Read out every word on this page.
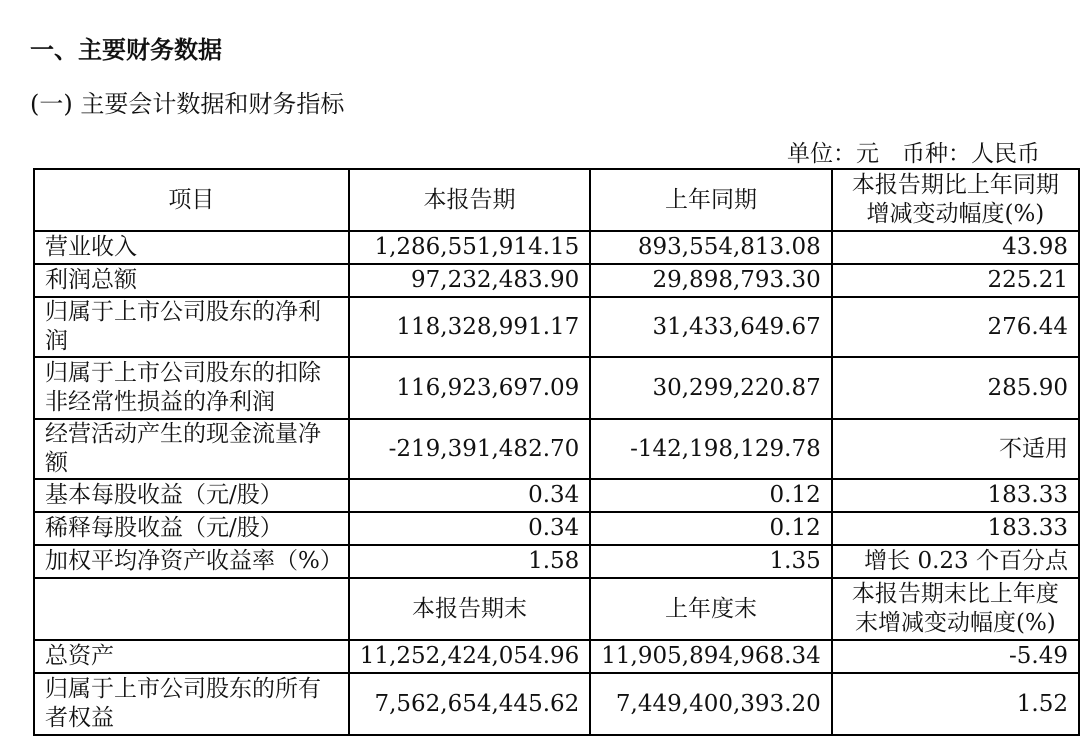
一、主要财务数据
(一) 主要会计数据和财务指标
单位：元　币种：人民币
项目	本报告期	上年同期	本报告期比上年同期增减变动幅度(%)
营业收入	1,286,551,914.15	893,554,813.08	43.98
利润总额	97,232,483.90	29,898,793.30	225.21
归属于上市公司股东的净利润	118,328,991.17	31,433,649.67	276.44
归属于上市公司股东的扣除非经常性损益的净利润	116,923,697.09	30,299,220.87	285.90
经营活动产生的现金流量净额	-219,391,482.70	-142,198,129.78	不适用
基本每股收益（元/股）	0.34	0.12	183.33
稀释每股收益（元/股）	0.34	0.12	183.33
加权平均净资产收益率（%）	1.58	1.35	增长 0.23 个百分点
	本报告期末	上年度末	本报告期末比上年度末增减变动幅度(%)
总资产	11,252,424,054.96	11,905,894,968.34	-5.49
归属于上市公司股东的所有者权益	7,562,654,445.62	7,449,400,393.20	1.52
